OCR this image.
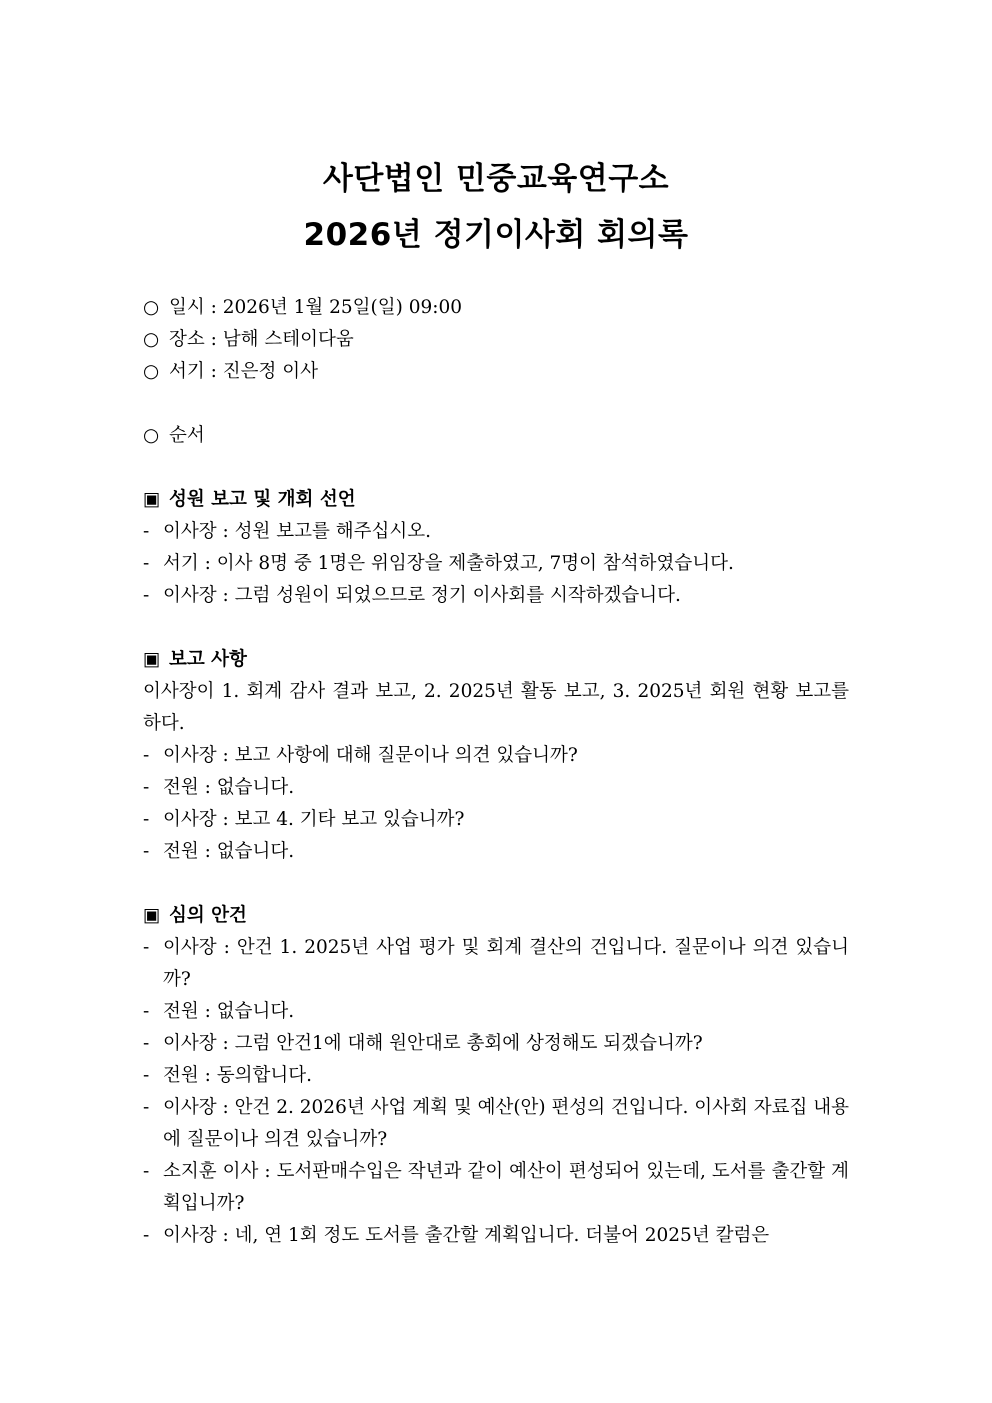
사단법인 민중교육연구소
2026년 정기이사회 회의록
○ 일시 : 2026년 1월 25일(일) 09:00
○ 장소 : 남해 스테이다움
○ 서기 : 진은정 이사
○ 순서
▣ 성원 보고 및 개회 선언
- 이사장 : 성원 보고를 해주십시오.
- 서기 : 이사 8명 중 1명은 위임장을 제출하였고, 7명이 참석하였습니다.
- 이사장 : 그럼 성원이 되었으므로 정기 이사회를 시작하겠습니다.
▣ 보고 사항
이사장이 1. 회계 감사 결과 보고, 2. 2025년 활동 보고, 3. 2025년 회원 현황 보고를 하다.
- 이사장 : 보고 사항에 대해 질문이나 의견 있습니까?
- 전원 : 없습니다.
- 이사장 : 보고 4. 기타 보고 있습니까?
- 전원 : 없습니다.
▣ 심의 안건
- 이사장 : 안건 1. 2025년 사업 평가 및 회계 결산의 건입니다. 질문이나 의견 있습니까?
- 전원 : 없습니다.
- 이사장 : 그럼 안건1에 대해 원안대로 총회에 상정해도 되겠습니까?
- 전원 : 동의합니다.
- 이사장 : 안건 2. 2026년 사업 계획 및 예산(안) 편성의 건입니다. 이사회 자료집 내용에 질문이나 의견 있습니까?
- 소지훈 이사 : 도서판매수입은 작년과 같이 예산이 편성되어 있는데, 도서를 출간할 계획입니까?
- 이사장 : 네, 연 1회 정도 도서를 출간할 계획입니다. 더불어 2025년 칼럼은
